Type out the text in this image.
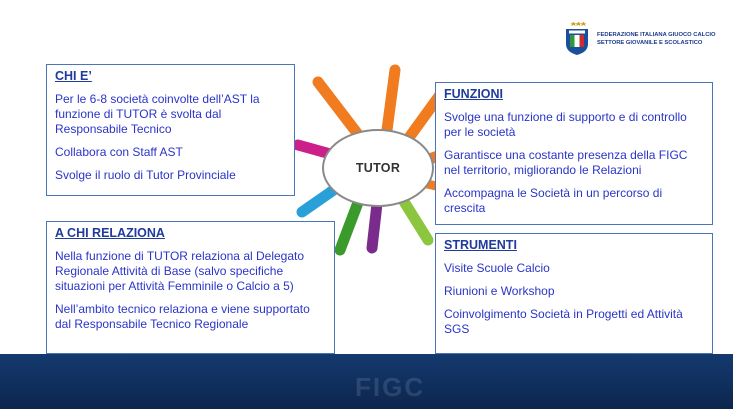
TUTOR
FEDERAZIONE ITALIANA GIUOCO CALCIO
SETTORE GIOVANILE E SCOLASTICO
CHI E’

Per le 6-8 società coinvolte dell’AST la funzione di TUTOR è svolta dal Responsabile Tecnico

Collabora con Staff AST

Svolge il ruolo di Tutor Provinciale

FUNZIONI

Svolge una funzione di supporto e di controllo per le società

Garantisce una costante presenza della FIGC nel territorio, migliorando le Relazioni

Accompagna le Società in un percorso di crescita

A CHI RELAZIONA

Nella funzione di TUTOR relaziona al Delegato Regionale Attività di Base (salvo specifiche situazioni per Attività Femminile o Calcio a 5)

Nell’ambito tecnico relaziona e viene supportato dal Responsabile Tecnico Regionale

STRUMENTI

Visite Scuole Calcio

Riunioni e Workshop

Coinvolgimento Società in Progetti ed Attività SGS

FIGC
